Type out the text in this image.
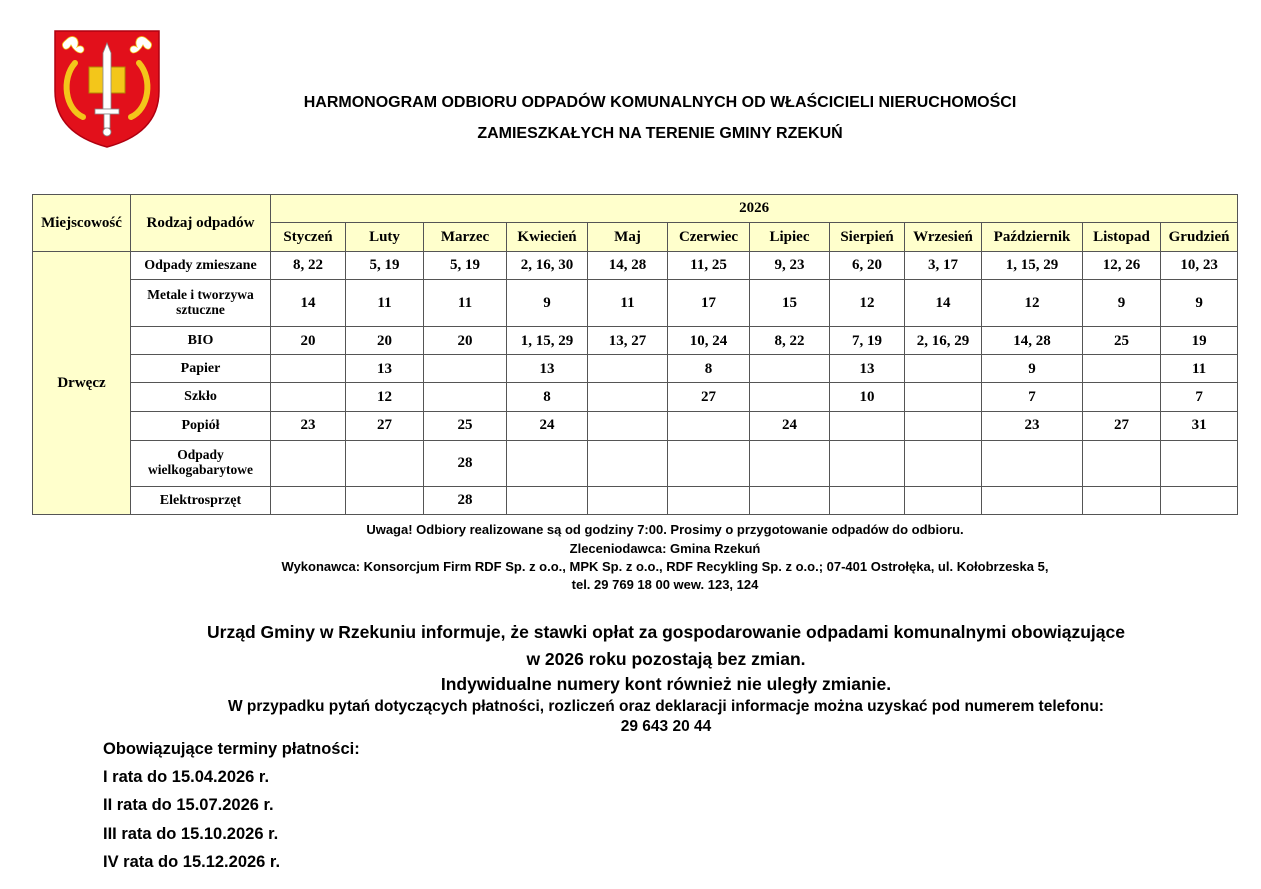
HARMONOGRAM ODBIORU ODPADÓW KOMUNALNYCH OD WŁAŚCICIELI NIERUCHOMOŚCI
ZAMIESZKAŁYCH NA TERENIE GMINY RZEKUŃ
Miejscowość	Rodzaj odpadów	2026											
		Styczeń	Luty	Marzec	Kwiecień	Maj	Czerwiec	Lipiec	Sierpień	Wrzesień	Październik	Listopad	Grudzień
Drwęcz	Odpady zmieszane	8, 22	5, 19	5, 19	2, 16, 30	14, 28	11, 25	9, 23	6, 20	3, 17	1, 15, 29	12, 26	10, 23
	Metale i tworzywa sztuczne	14	11	11	9	11	17	15	12	14	12	9	9
	BIO	20	20	20	1, 15, 29	13, 27	10, 24	8, 22	7, 19	2, 16, 29	14, 28	25	19
	Papier		13		13		8		13		9		11
	Szkło		12		8		27		10		7		7
	Popiół	23	27	25	24			24			23	27	31
	Odpady wielkogabarytowe			28									
	Elektrosprzęt			28									
Uwaga! Odbiory realizowane są od godziny 7:00. Prosimy o przygotowanie odpadów do odbioru.
Zleceniodawca: Gmina Rzekuń
Wykonawca: Konsorcjum Firm RDF Sp. z o.o., MPK Sp. z o.o., RDF Recykling Sp. z o.o.; 07-401 Ostrołęka, ul. Kołobrzeska 5,
tel. 29 769 18 00 wew. 123, 124
Urząd Gminy w Rzekuniu informuje, że stawki opłat za gospodarowanie odpadami komunalnymi obowiązujące
w 2026 roku pozostają bez zmian.
Indywidualne numery kont również nie uległy zmianie.
W przypadku pytań dotyczących płatności, rozliczeń oraz deklaracji informacje można uzyskać pod numerem telefonu:
29 643 20 44
Obowiązujące terminy płatności:
I rata do 15.04.2026 r.
II rata do 15.07.2026 r.
III rata do 15.10.2026 r.
IV rata do 15.12.2026 r.
